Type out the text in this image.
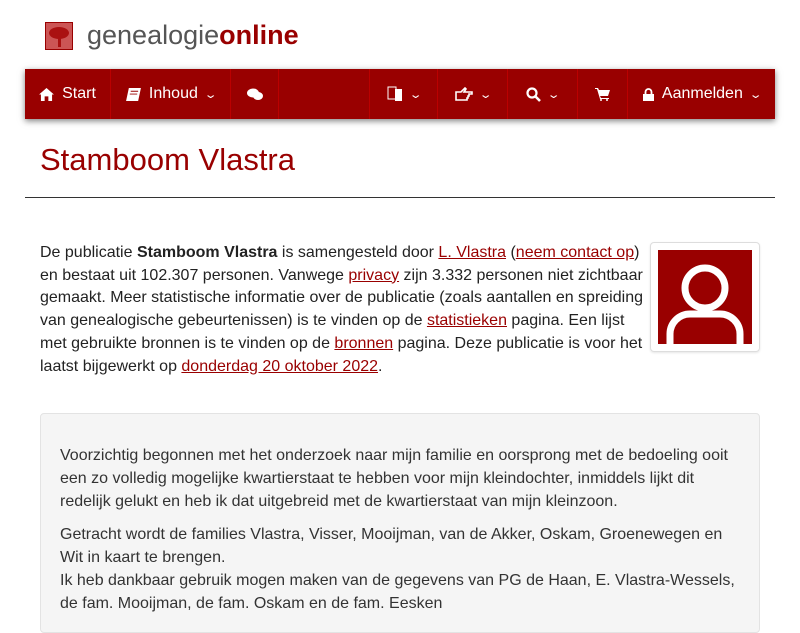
genealogieonline
Start	Inhoud ⌄	⌄	⌄	⌄	Aanmelden ⌄
Stamboom Vlastra
De publicatie Stamboom Vlastra is samengesteld door L. Vlastra (neem contact op) en bestaat uit 102.307 personen. Vanwege privacy zijn 3.332 personen niet zichtbaar gemaakt. Meer statistische informatie over de publicatie (zoals aantallen en spreiding van genealogische gebeurtenissen) is te vinden op de statistieken pagina. Een lijst met gebruikte bronnen is te vinden op de bronnen pagina. Deze publicatie is voor het laatst bijgewerkt op donderdag 20 oktober 2022.

Voorzichtig begonnen met het onderzoek naar mijn familie en oorsprong met de bedoeling ooit een zo volledig mogelijke kwartierstaat te hebben voor mijn kleindochter, inmiddels lijkt dit redelijk gelukt en heb ik dat uitgebreid met de kwartierstaat van mijn kleinzoon.

Getracht wordt de families Vlastra, Visser, Mooijman, van de Akker, Oskam, Groenewegen en Wit in kaart te brengen.
Ik heb dankbaar gebruik mogen maken van de gegevens van PG de Haan, E. Vlastra-Wessels, de fam. Mooijman, de fam. Oskam en de fam. Eesken
